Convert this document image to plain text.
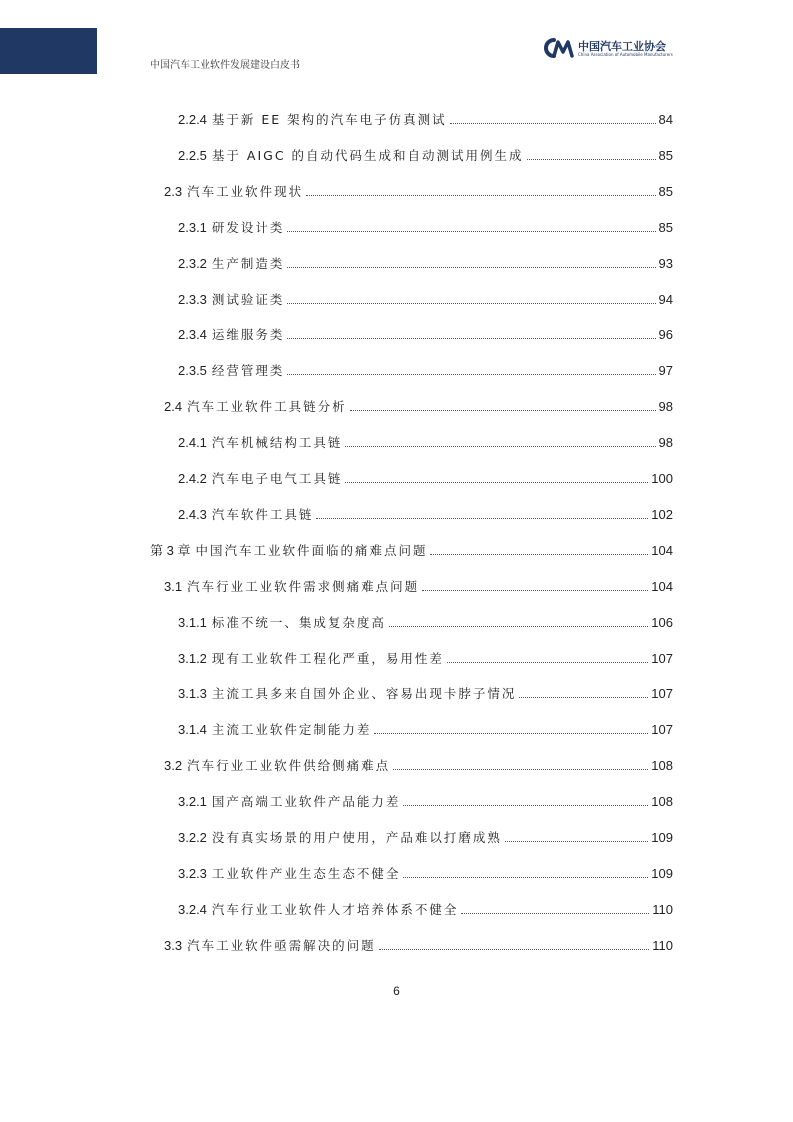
中国汽车工业软件发展建设白皮书
中国汽车工业协会
China Association of Automobile Manufacturers
2.2.4 基于新 EE 架构的汽车电子仿真测试	84
2.2.5 基于 AIGC 的自动代码生成和自动测试用例生成	85
2.3 汽车工业软件现状	85
2.3.1 研发设计类	85
2.3.2 生产制造类	93
2.3.3 测试验证类	94
2.3.4 运维服务类	96
2.3.5 经营管理类	97
2.4 汽车工业软件工具链分析	98
2.4.1 汽车机械结构工具链	98
2.4.2 汽车电子电气工具链	100
2.4.3 汽车软件工具链	102
第 3 章 中国汽车工业软件面临的痛难点问题	104
3.1 汽车行业工业软件需求侧痛难点问题	104
3.1.1 标准不统一、集成复杂度高	106
3.1.2 现有工业软件工程化严重，易用性差	107
3.1.3 主流工具多来自国外企业、容易出现卡脖子情况	107
3.1.4 主流工业软件定制能力差	107
3.2 汽车行业工业软件供给侧痛难点	108
3.2.1 国产高端工业软件产品能力差	108
3.2.2 没有真实场景的用户使用，产品难以打磨成熟	109
3.2.3 工业软件产业生态生态不健全	109
3.2.4 汽车行业工业软件人才培养体系不健全	110
3.3 汽车工业软件亟需解决的问题	110
6
